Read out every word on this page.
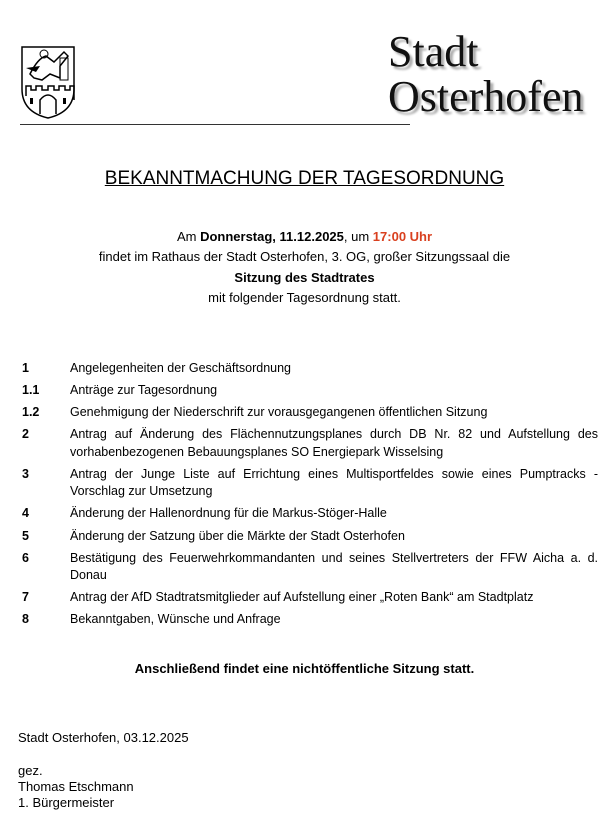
Stadt
Osterhofen
BEKANNTMACHUNG DER TAGESORDNUNG
Am Donnerstag, 11.12.2025, um 17:00 Uhr
findet im Rathaus der Stadt Osterhofen, 3. OG, großer Sitzungssaal die
Sitzung des Stadtrates
mit folgender Tagesordnung statt.
1	Angelegenheiten der Geschäftsordnung
1.1	Anträge zur Tagesordnung
1.2	Genehmigung der Niederschrift zur vorausgegangenen öffentlichen Sitzung
2	Antrag auf Änderung des Flächennutzungsplanes durch DB Nr. 82 und Aufstellung des vorhabenbezogenen Bebauungsplanes SO Energiepark Wisselsing
3	Antrag der Junge Liste auf Errichtung eines Multisportfeldes sowie eines Pumptracks - Vorschlag zur Umsetzung
4	Änderung der Hallenordnung für die Markus-Stöger-Halle
5	Änderung der Satzung über die Märkte der Stadt Osterhofen
6	Bestätigung des Feuerwehrkommandanten und seines Stellvertreters der FFW Aicha a. d. Donau
7	Antrag der AfD Stadtratsmitglieder auf Aufstellung einer „Roten Bank“ am Stadtplatz
8	Bekanntgaben, Wünsche und Anfrage
Anschließend findet eine nichtöffentliche Sitzung statt.
Stadt Osterhofen, 03.12.2025
gez.
Thomas Etschmann
1. Bürgermeister
